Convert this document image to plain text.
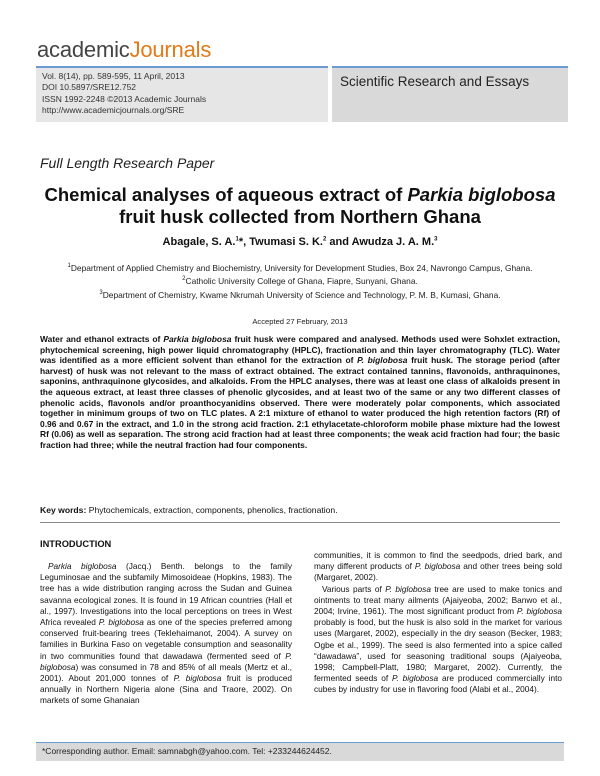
academicJournals
Vol. 8(14), pp. 589-595, 11 April, 2013
DOI 10.5897/SRE12.752
ISSN 1992-2248 ©2013 Academic Journals
http://www.academicjournals.org/SRE
Scientific Research and Essays
Full Length Research Paper
Chemical analyses of aqueous extract of Parkia biglobosa fruit husk collected from Northern Ghana
Abagale, S. A.$^1$*, Twumasi S. K.$^2$ and Awudza J. A. M.$^3$
$^1$Department of Applied Chemistry and Biochemistry, University for Development Studies, Box 24, Navrongo Campus, Ghana.
$^2$Catholic University College of Ghana, Fiapre, Sunyani, Ghana.
$^3$Department of Chemistry, Kwame Nkrumah University of Science and Technology, P. M. B, Kumasi, Ghana.
Accepted 27 February, 2013

Water and ethanol extracts of Parkia biglobosa fruit husk were compared and analysed. Methods used were Sohxlet extraction, phytochemical screening, high power liquid chromatography (HPLC), fractionation and thin layer chromatography (TLC). Water was identified as a more efficient solvent than ethanol for the extraction of P. biglobosa fruit husk. The storage period (after harvest) of husk was not relevant to the mass of extract obtained. The extract contained tannins, flavonoids, anthraquinones, saponins, anthraquinone glycosides, and alkaloids. From the HPLC analyses, there was at least one class of alkaloids present in the aqueous extract, at least three classes of phenolic glycosides, and at least two of the same or any two different classes of phenolic acids, flavonols and/or proanthocyanidins observed. There were moderately polar components, which associated together in minimum groups of two on TLC plates. A 2:1 mixture of ethanol to water produced the high retention factors (Rf) of 0.96 and 0.67 in the extract, and 1.0 in the strong acid fraction. 2:1 ethylacetate-chloroform mobile phase mixture had the lowest Rf (0.06) as well as separation. The strong acid fraction had at least three components; the weak acid fraction had four; the basic fraction had three; while the neutral fraction had four components.

Key words: Phytochemicals, extraction, components, phenolics, fractionation.
INTRODUCTION

Parkia biglobosa (Jacq.) Benth. belongs to the family Leguminosae and the subfamily Mimosoideae (Hopkins, 1983). The tree has a wide distribution ranging across the Sudan and Guinea savanna ecological zones. It is found in 19 African countries (Hall et al., 1997). Investigations into the local perceptions on trees in West Africa revealed P. biglobosa as one of the species preferred among conserved fruit-bearing trees (Teklehaimanot, 2004). A survey on families in Burkina Faso on vegetable consumption and seasonality in two communities found that dawadawa (fermented seed of P. biglobosa) was consumed in 78 and 85% of all meals (Mertz et al., 2001). About 201,000 tonnes of P. biglobosa fruit is produced annually in Northern Nigeria alone (Sina and Traore, 2002). On markets of some Ghanaian

communities, it is common to find the seedpods, dried bark, and many different products of P. biglobosa and other trees being sold (Margaret, 2002).

Various parts of P. biglobosa tree are used to make tonics and ointments to treat many ailments (Ajaiyeoba, 2002; Banwo et al., 2004; Irvine, 1961). The most significant product from P. biglobosa probably is food, but the husk is also sold in the market for various uses (Margaret, 2002), especially in the dry season (Becker, 1983; Ogbe et al., 1999). The seed is also fermented into a spice called “dawadawa”, used for seasoning traditional soups (Ajaiyeoba, 1998; Campbell-Platt, 1980; Margaret, 2002). Currently, the fermented seeds of P. biglobosa are produced commercially into cubes by industry for use in flavoring food (Alabi et al., 2004).

*Corresponding author. Email: samnabgh@yahoo.com. Tel: +233244624452.
